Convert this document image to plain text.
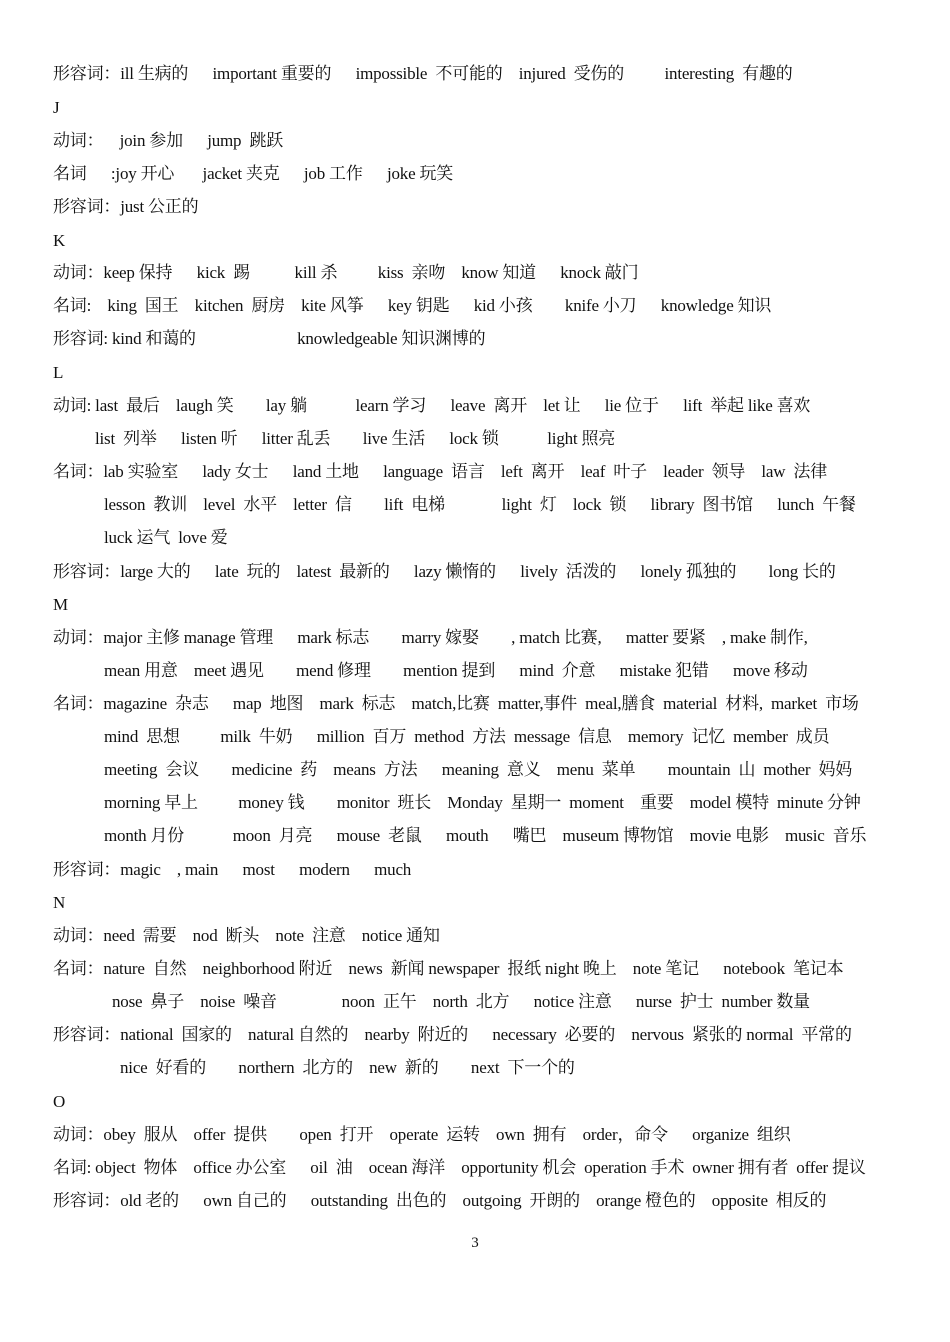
形容词：ill 生病的      important 重要的      impossible  不可能的    injured  受伤的          interesting  有趣的
J
动词：    join 参加      jump  跳跃
名词      :joy 开心       jacket 夹克      job 工作      joke 玩笑
形容词：just 公正的
K
动词：keep 保持      kick  踢           kill 杀          kiss  亲吻    know 知道      knock 敲门
名词:    king  国王    kitchen  厨房    kite 风筝      key 钥匙      kid 小孩        knife 小刀      knowledge 知识
形容词: kind 和蔼的                         knowledgeable 知识渊博的
L
动词: last  最后    laugh 笑        lay 躺            learn 学习      leave  离开    let 让      lie 位于      lift  举起 like 喜欢
list  列举      listen 听      litter 乱丢        live 生活      lock 锁            light 照亮
名词：lab 实验室      lady 女士      land 土地      language  语言    left  离开    leaf  叶子    leader  领导    law  法律
lesson  教训    level  水平    letter  信        lift  电梯              light  灯    lock  锁      library  图书馆      lunch  午餐
luck 运气  love 爱
形容词：large 大的      late  玩的    latest  最新的      lazy 懒惰的      lively  活泼的      lonely 孤独的        long 长的
M
动词：major 主修 manage 管理      mark 标志        marry 嫁娶        , match 比赛,      matter 要紧    , make 制作,
mean 用意    meet 遇见        mend 修理        mention 提到      mind  介意      mistake 犯错      move 移动
名词：magazine  杂志      map  地图    mark  标志    match,比赛  matter,事件  meal,膳食  material  材料,  market  市场
mind  思想          milk  牛奶      million  百万  method  方法  message  信息    memory  记忆  member  成员
meeting  会议        medicine  药    means  方法      meaning  意义    menu  菜单        mountain  山  mother  妈妈
morning 早上          money 钱        monitor  班长    Monday  星期一  moment    重要    model 模特  minute 分钟
month 月份            moon  月亮      mouse  老鼠      mouth      嘴巴    museum 博物馆    movie 电影    music  音乐
形容词：magic    , main      most      modern      much
N
动词：need  需要    nod  断头    note  注意    notice 通知
名词：nature  自然    neighborhood 附近    news  新闻 newspaper  报纸 night 晚上    note 笔记      notebook  笔记本
nose  鼻子    noise  噪音                noon  正午    north  北方      notice 注意      nurse  护士  number 数量
形容词：national  国家的    natural 自然的    nearby  附近的      necessary  必要的    nervous  紧张的 normal  平常的
nice  好看的        northern  北方的    new  新的        next  下一个的
O
动词：obey  服从    offer  提供        open  打开    operate  运转    own  拥有    order，命令      organize  组织
名词: object  物体    office 办公室      oil  油    ocean 海洋    opportunity 机会  operation 手术  owner 拥有者  offer 提议
形容词：old 老的      own 自己的      outstanding  出色的    outgoing  开朗的    orange 橙色的    opposite  相反的
3
